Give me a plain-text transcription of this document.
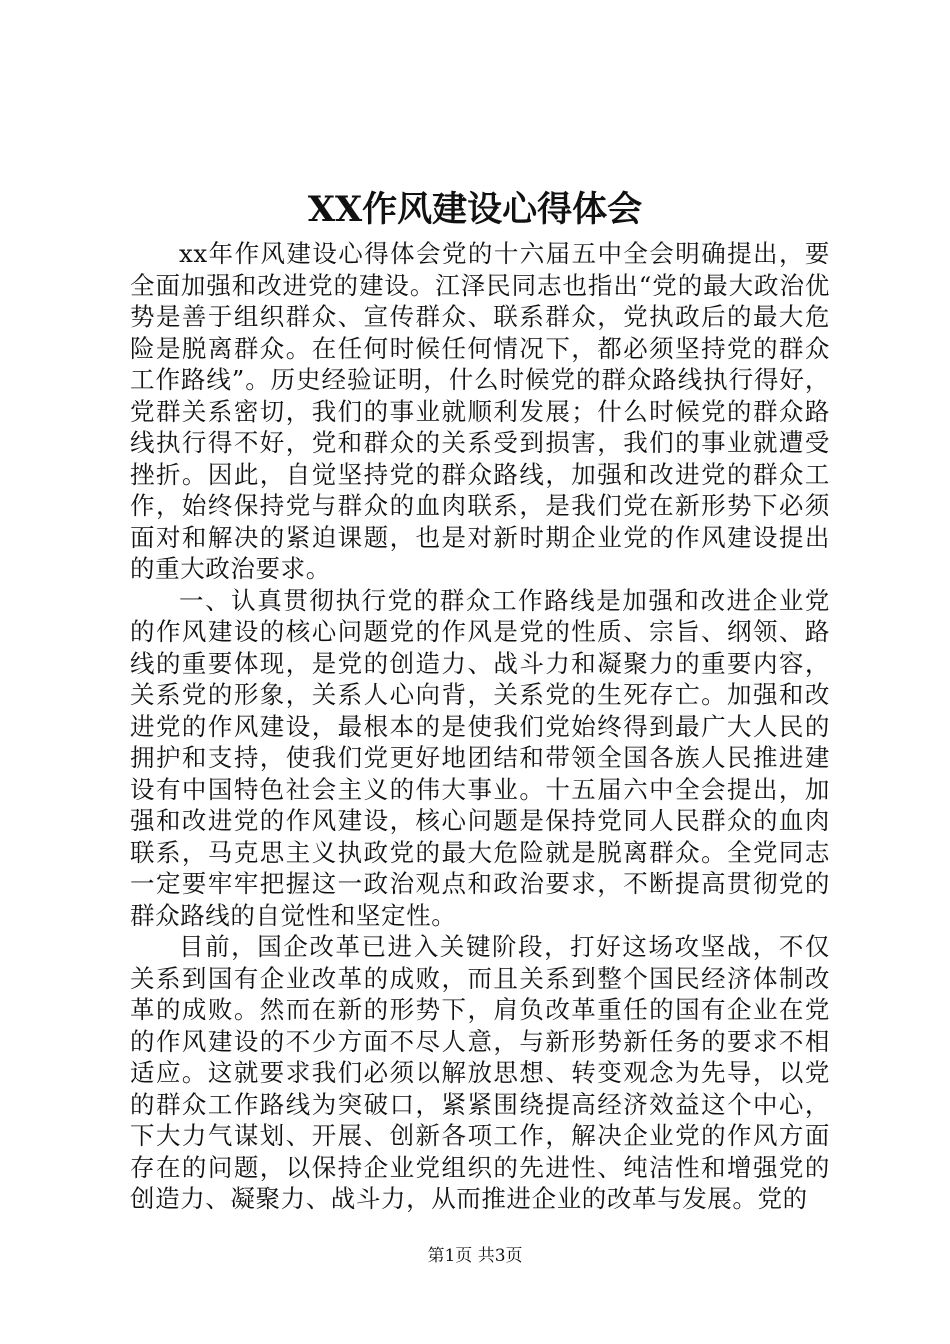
XX作风建设心得体会

xx年作风建设心得体会党的十六届五中全会明确提出，要全面加强和改进党的建设。江泽民同志也指出“党的最大政治优势是善于组织群众、宣传群众、联系群众，党执政后的最大危险是脱离群众。在任何时候任何情况下，都必须坚持党的群众工作路线”。历史经验证明，什么时候党的群众路线执行得好，党群关系密切，我们的事业就顺利发展；什么时候党的群众路线执行得不好，党和群众的关系受到损害，我们的事业就遭受挫折。因此，自觉坚持党的群众路线，加强和改进党的群众工作，始终保持党与群众的血肉联系，是我们党在新形势下必须面对和解决的紧迫课题，也是对新时期企业党的作风建设提出的重大政治要求。

一、认真贯彻执行党的群众工作路线是加强和改进企业党的作风建设的核心问题党的作风是党的性质、宗旨、纲领、路线的重要体现，是党的创造力、战斗力和凝聚力的重要内容，关系党的形象，关系人心向背，关系党的生死存亡。加强和改进党的作风建设，最根本的是使我们党始终得到最广大人民的拥护和支持，使我们党更好地团结和带领全国各族人民推进建设有中国特色社会主义的伟大事业。十五届六中全会提出，加强和改进党的作风建设，核心问题是保持党同人民群众的血肉联系，马克思主义执政党的最大危险就是脱离群众。全党同志一定要牢牢把握这一政治观点和政治要求，不断提高贯彻党的群众路线的自觉性和坚定性。

目前，国企改革已进入关键阶段，打好这场攻坚战，不仅关系到国有企业改革的成败，而且关系到整个国民经济体制改革的成败。然而在新的形势下，肩负改革重任的国有企业在党的作风建设的不少方面不尽人意，与新形势新任务的要求不相适应。这就要求我们必须以解放思想、转变观念为先导，以党的群众工作路线为突破口，紧紧围绕提高经济效益这个中心，下大力气谋划、开展、创新各项工作，解决企业党的作风方面存在的问题，以保持企业党组织的先进性、纯洁性和增强党的创造力、凝聚力、战斗力，从而推进企业的改革与发展。党的

第1页 共3页
